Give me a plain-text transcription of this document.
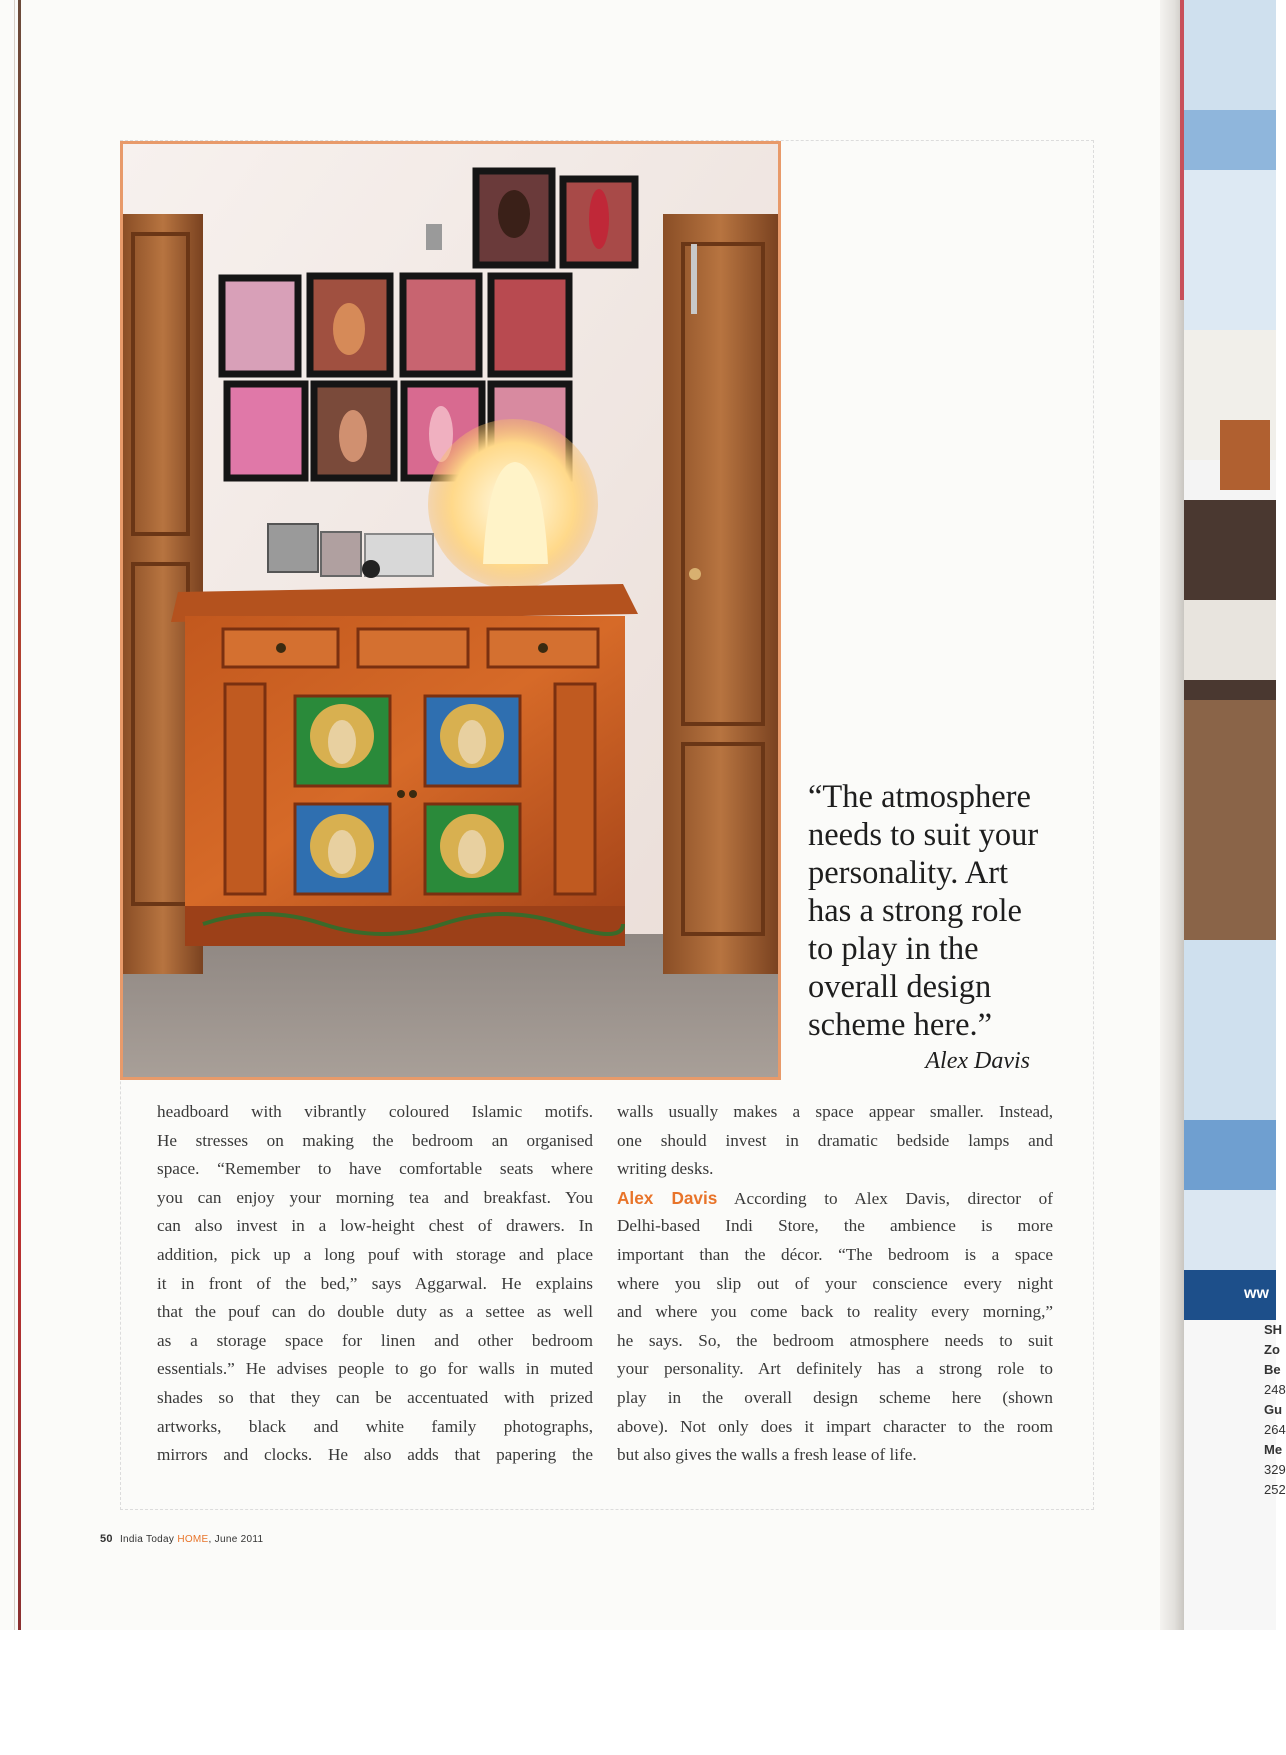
ww
SH
Zo
Be
248
Gu
264
Me
329
252
“The atmosphere
needs to suit your
personality. Art
has a strong role
to play in the
overall design
scheme here.”
Alex Davis
headboard with vibrantly coloured Islamic motifs.
He stresses on making the bedroom an organised
space. “Remember to have comfortable seats where
you can enjoy your morning tea and breakfast. You
can also invest in a low-height chest of drawers. In
addition, pick up a long pouf with storage and place
it in front of the bed,” says Aggarwal. He explains
that the pouf can do double duty as a settee as well
as a storage space for linen and other bedroom
essentials.” He advises people to go for walls in muted
shades so that they can be accentuated with prized
artworks, black and white family photographs,
mirrors and clocks. He also adds that papering the
walls usually makes a space appear smaller. Instead,
one should invest in dramatic bedside lamps and
writing desks.
Alex Davis According to Alex Davis, director of
Delhi-based Indi Store, the ambience is more
important than the décor. “The bedroom is a space
where you slip out of your conscience every night
and where you come back to reality every morning,”
he says. So, the bedroom atmosphere needs to suit
your personality. Art definitely has a strong role to
play in the overall design scheme here (shown
above). Not only does it impart character to the room
but also gives the walls a fresh lease of life.
50 India Today HOME, June 2011
